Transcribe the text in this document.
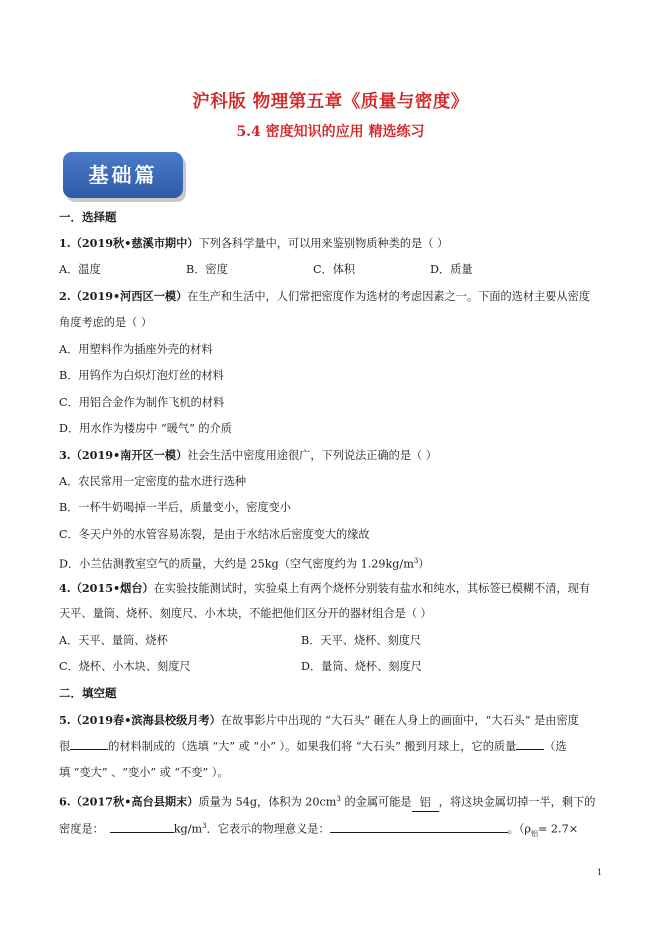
沪科版 物理第五章《质量与密度》
5.4 密度知识的应用 精选练习
基础篇
一．选择题
1.（2019秋•慈溪市期中）下列各科学量中，可以用来鉴别物质种类的是（ ）
A．温度	B．密度	C．体积	D．质量
2.（2019•河西区一模）在生产和生活中，人们常把密度作为选材的考虑因素之一。下面的选材主要从密度
角度考虑的是（ ）
A．用塑料作为插座外壳的材料
B．用钨作为白炽灯泡灯丝的材料
C．用铝合金作为制作飞机的材料
D．用水作为楼房中 “暖气” 的介质
3.（2019•南开区一模）社会生活中密度用途很广，下列说法正确的是（ ）
A．农民常用一定密度的盐水进行选种
B．一杯牛奶喝掉一半后，质量变小，密度变小
C．冬天户外的水管容易冻裂，是由于水结冰后密度变大的缘故
D．小兰估测教室空气的质量，大约是 25kg（空气密度约为 $1.29kg/m^3$）
4.（2015•烟台）在实验技能测试时，实验桌上有两个烧杯分别装有盐水和纯水，其标签已模糊不清，现有
天平、量筒、烧杯、刻度尺、小木块，不能把他们区分开的器材组合是（ ）
A．天平、量筒、烧杯	B．天平、烧杯、刻度尺
C．烧杯、小木块、刻度尺	D．量筒、烧杯、刻度尺
二．填空题
5.（2019春•滨海县校级月考）在故事影片中出现的 “大石头” 砸在人身上的画面中，“大石头” 是由密度
很	的材料制成的（选填 “大” 或 “小” ）。如果我们将 “大石头” 搬到月球上，它的质量	（选
填 “变大” 、“变小” 或 “不变” ）。
6.（2017秋•高台县期末）质量为 54g，体积为 $20cm^3$ 的金属可能是 铝 ，将这块金属切掉一半，剩下的
密度是：	$kg/m^3$．它表示的物理意义是：	。（$\rho_铝= 2.7\times$
1
